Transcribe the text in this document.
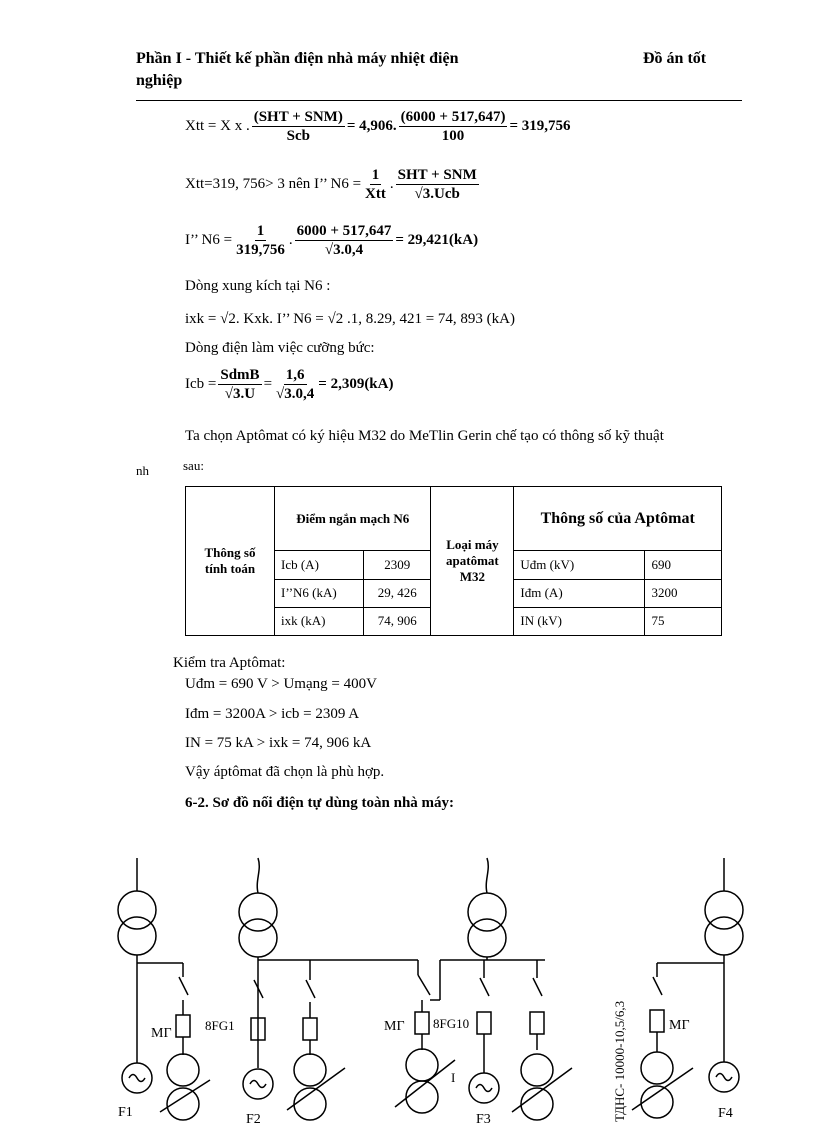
Phần I - Thiết kế phần điện nhà máy nhiệt điện
nghiệp
Đồ án tốt
Xtt
= X x . $\frac{\text{(SHT + SNM)}}{\text{Scb}} = 4,906$. $\frac{(6000 + 517,647)}{100} = 319,756$
Xtt=319, 756> 3 nên I’’ $N6 = \frac{1}{\text{Xtt}}$ . $\frac{\text{SHT + SNM}}{\text{√3.Ucb}}$
I’’ $N6 = \frac{1}{319,756}$ . $\frac{6000 + 517,647}{√3.0,4} = 29,421(kA)$
Dòng xung kích tại N6 :
ixk = √2. Kxk. I’’ N6 = √2 .1, 8.29, 421 = 74, 893 (kA)
Dòng điện làm việc cưỡng bức:
Icb = $\frac{\text{SdmB}}{√3.U} = \frac{1,6}{√3.0,4} = 2,309(kA)$
Ta chọn Aptômat có ký hiệu M32 do MeTlin Gerin chế tạo có thông số kỹ thuật
nh	sau:
Thông số tính toán	Điểm ngắn mạch N6		Loại máy apatômat M32	Thông số của Aptômat	
	Icb (A)	2309		Uđm (kV)	690
	I’’N6 (kA)	29, 426		Iđm (A)	3200
	ixk (kA)	74, 906		IN (kV)	75
Kiểm tra Aptômat:
Uđm = 690 V > Umạng = 400V
Iđm = 3200A > icb = 2309 A
IN = 75 kA > ixk = 74, 906 kA
Vậy áptômat đã chọn là phù hợp.
6-2. Sơ đồ nối điện tự dùng toàn nhà máy:
F1	F2	F3	F4
MΓ	MΓ	MΓ
8FG1	8FG10
I	ТДНС- 10000-10,5/6,3
